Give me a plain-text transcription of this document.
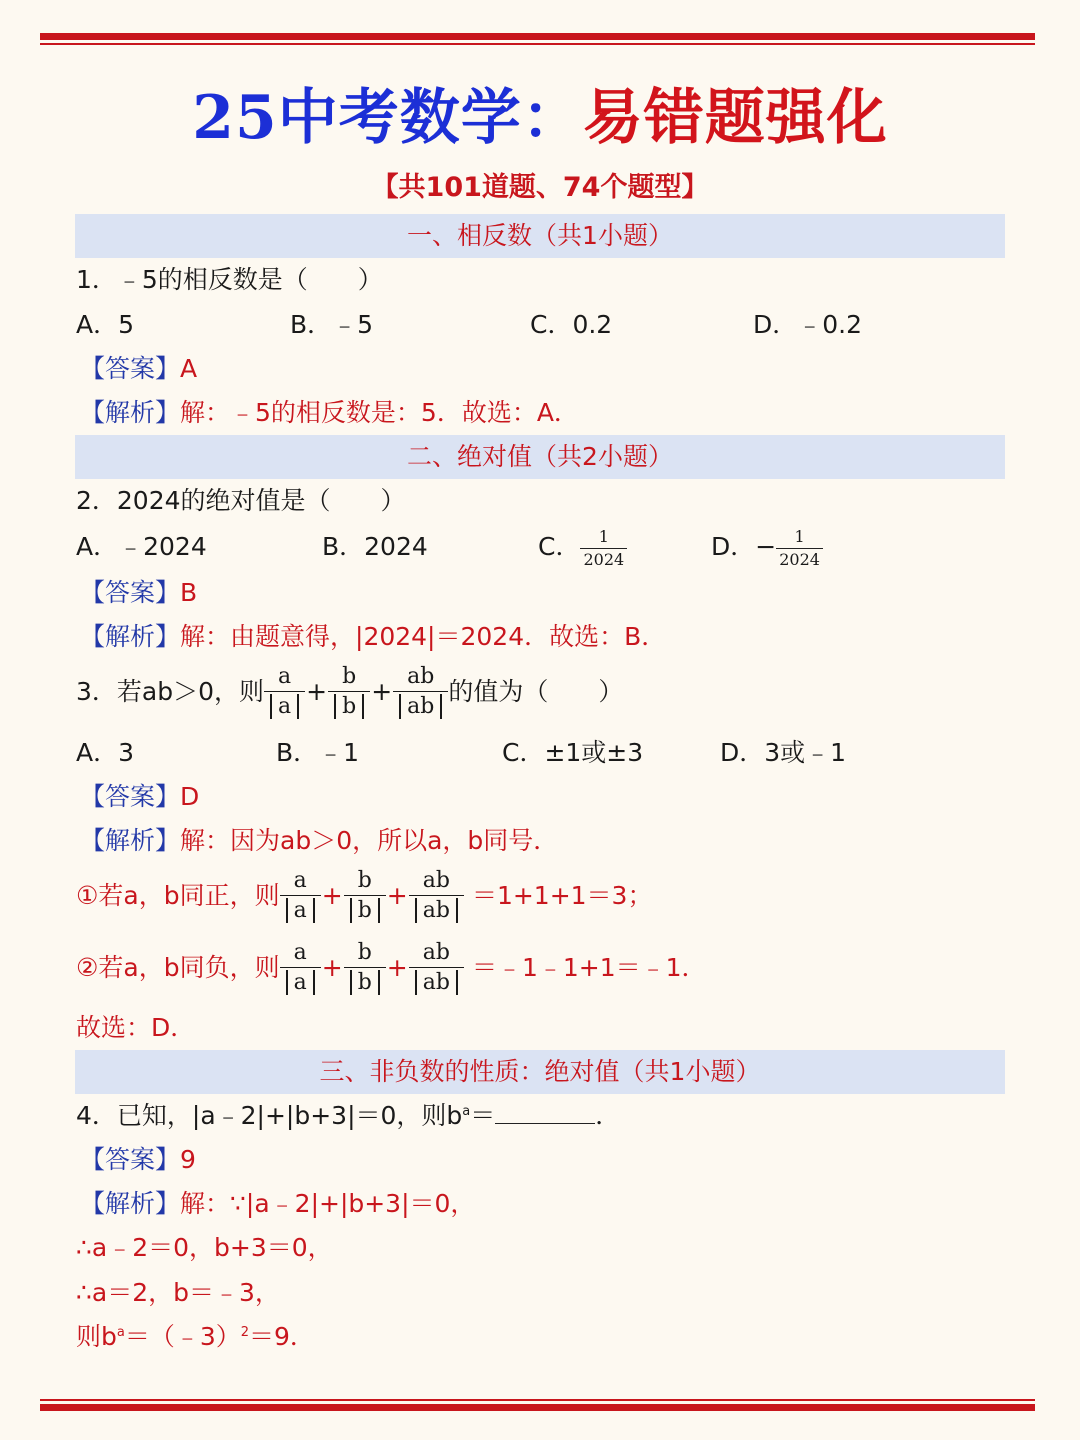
25中考数学：易错题强化
【共101道题、74个题型】
一、相反数（共1小题）
1．﹣5的相反数是（　　）
A．5	B．﹣5	C．0.2	D．﹣0.2
【答案】A
【解析】解：﹣5的相反数是：5．故选：A．
二、绝对值（共2小题）
2．2024的绝对值是（　　）
A．﹣2024	B．2024	C． $\frac{1}{2024}$	D．− $\frac{1}{2024}$
【答案】B
【解析】解：由题意得，|2024|＝2024．故选：B．
3．若ab＞0，则 $\frac{a}{a} + \frac{b}{b} + \frac{ab}{ab}$ 的值为（　　）
A．3	B．﹣1	C．±1或±3	D．3或﹣1
【答案】D
【解析】解：因为ab＞0，所以a，b同号．
①若a，b同正，则 $\frac{a}{a} + \frac{b}{b} + \frac{ab}{ab} =1+1+1=3$；
②若a，b同负，则 $\frac{a}{a} + \frac{b}{b} + \frac{ab}{ab}$ ＝﹣1﹣1+1＝﹣1．
故选：D．
三、非负数的性质：绝对值（共1小题）
4．已知，|a﹣2|+|b+3|＝0，则$b^a=$	．
【答案】9
【解析】解：∵|a﹣2|+|b+3|＝0，
∴a﹣2＝0，b+3＝0，
∴a＝2，b＝﹣3，
则$b^a=(﹣3)^2=9$．
